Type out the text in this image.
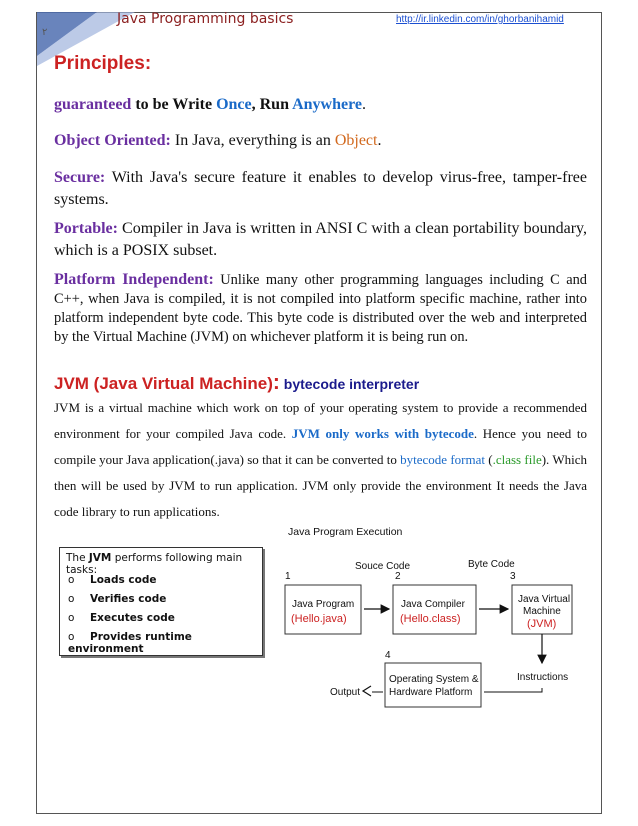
Java Programming basics	http://ir.linkedin.com/in/ghorbanihamid
۲
Principles:

guaranteed to be Write Once, Run Anywhere.

Object Oriented: In Java, everything is an Object.

Secure: With Java's secure feature it enables to develop virus-free, tamper-free systems.

Portable: Compiler in Java is written in ANSI C with a clean portability boundary, which is a POSIX subset.

Platform Independent: Unlike many other programming languages including C and C++, when Java is compiled, it is not compiled into platform specific machine, rather into platform independent byte code. This byte code is distributed over the web and interpreted by the Virtual Machine (JVM) on whichever platform it is being run on.

JVM (Java Virtual Machine): bytecode interpreter

JVM is a virtual machine which work on top of your operating system to provide a recommended environment for your compiled Java code. JVM only works with bytecode. Hence you need to compile your Java application(.java) so that it can be converted to bytecode format (.class file). Which then will be used by JVM to run application. JVM only provide the environment It needs the Java code library to run applications.

The JVM performs following main tasks:
o Loads code
o Verifies code
o Executes code
o Provides runtime environment
Java Program Execution
Souce Code	Byte Code
1	2	3
4
Java Program
(Hello.java)
Java Compiler
(Hello.class)
Java Virtual
Machine
(JVM)
Operating System &
Hardware Platform
Instructions
Output
